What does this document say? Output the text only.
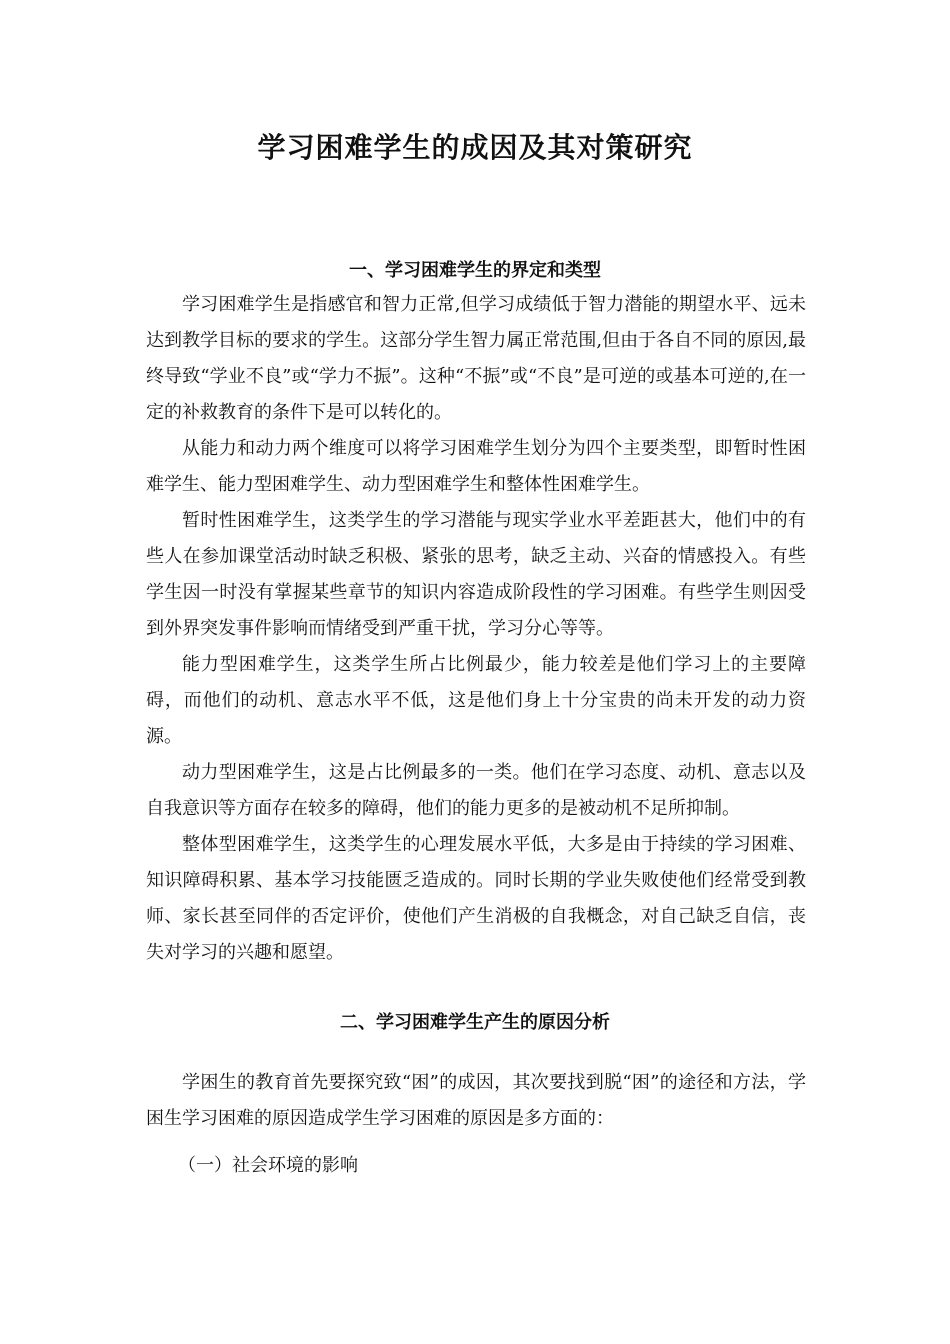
学习困难学生的成因及其对策研究
一、学习困难学生的界定和类型

学习困难学生是指感官和智力正常,但学习成绩低于智力潜能的期望水平、远未达到教学目标的要求的学生。这部分学生智力属正常范围,但由于各自不同的原因,最终导致“学业不良”或“学力不振”。这种“不振”或“不良”是可逆的或基本可逆的,在一定的补救教育的条件下是可以转化的。

从能力和动力两个维度可以将学习困难学生划分为四个主要类型，即暂时性困难学生、能力型困难学生、动力型困难学生和整体性困难学生。

暂时性困难学生，这类学生的学习潜能与现实学业水平差距甚大，他们中的有些人在参加课堂活动时缺乏积极、紧张的思考，缺乏主动、兴奋的情感投入。有些学生因一时没有掌握某些章节的知识内容造成阶段性的学习困难。有些学生则因受到外界突发事件影响而情绪受到严重干扰，学习分心等等。

能力型困难学生，这类学生所占比例最少，能力较差是他们学习上的主要障碍，而他们的动机、意志水平不低，这是他们身上十分宝贵的尚未开发的动力资源。

动力型困难学生，这是占比例最多的一类。他们在学习态度、动机、意志以及自我意识等方面存在较多的障碍，他们的能力更多的是被动机不足所抑制。

整体型困难学生，这类学生的心理发展水平低，大多是由于持续的学习困难、知识障碍积累、基本学习技能匮乏造成的。同时长期的学业失败使他们经常受到教师、家长甚至同伴的否定评价，使他们产生消极的自我概念，对自己缺乏自信，丧失对学习的兴趣和愿望。

二、学习困难学生产生的原因分析

学困生的教育首先要探究致“困”的成因，其次要找到脱“困”的途径和方法，学困生学习困难的原因造成学生学习困难的原因是多方面的：

（一）社会环境的影响
